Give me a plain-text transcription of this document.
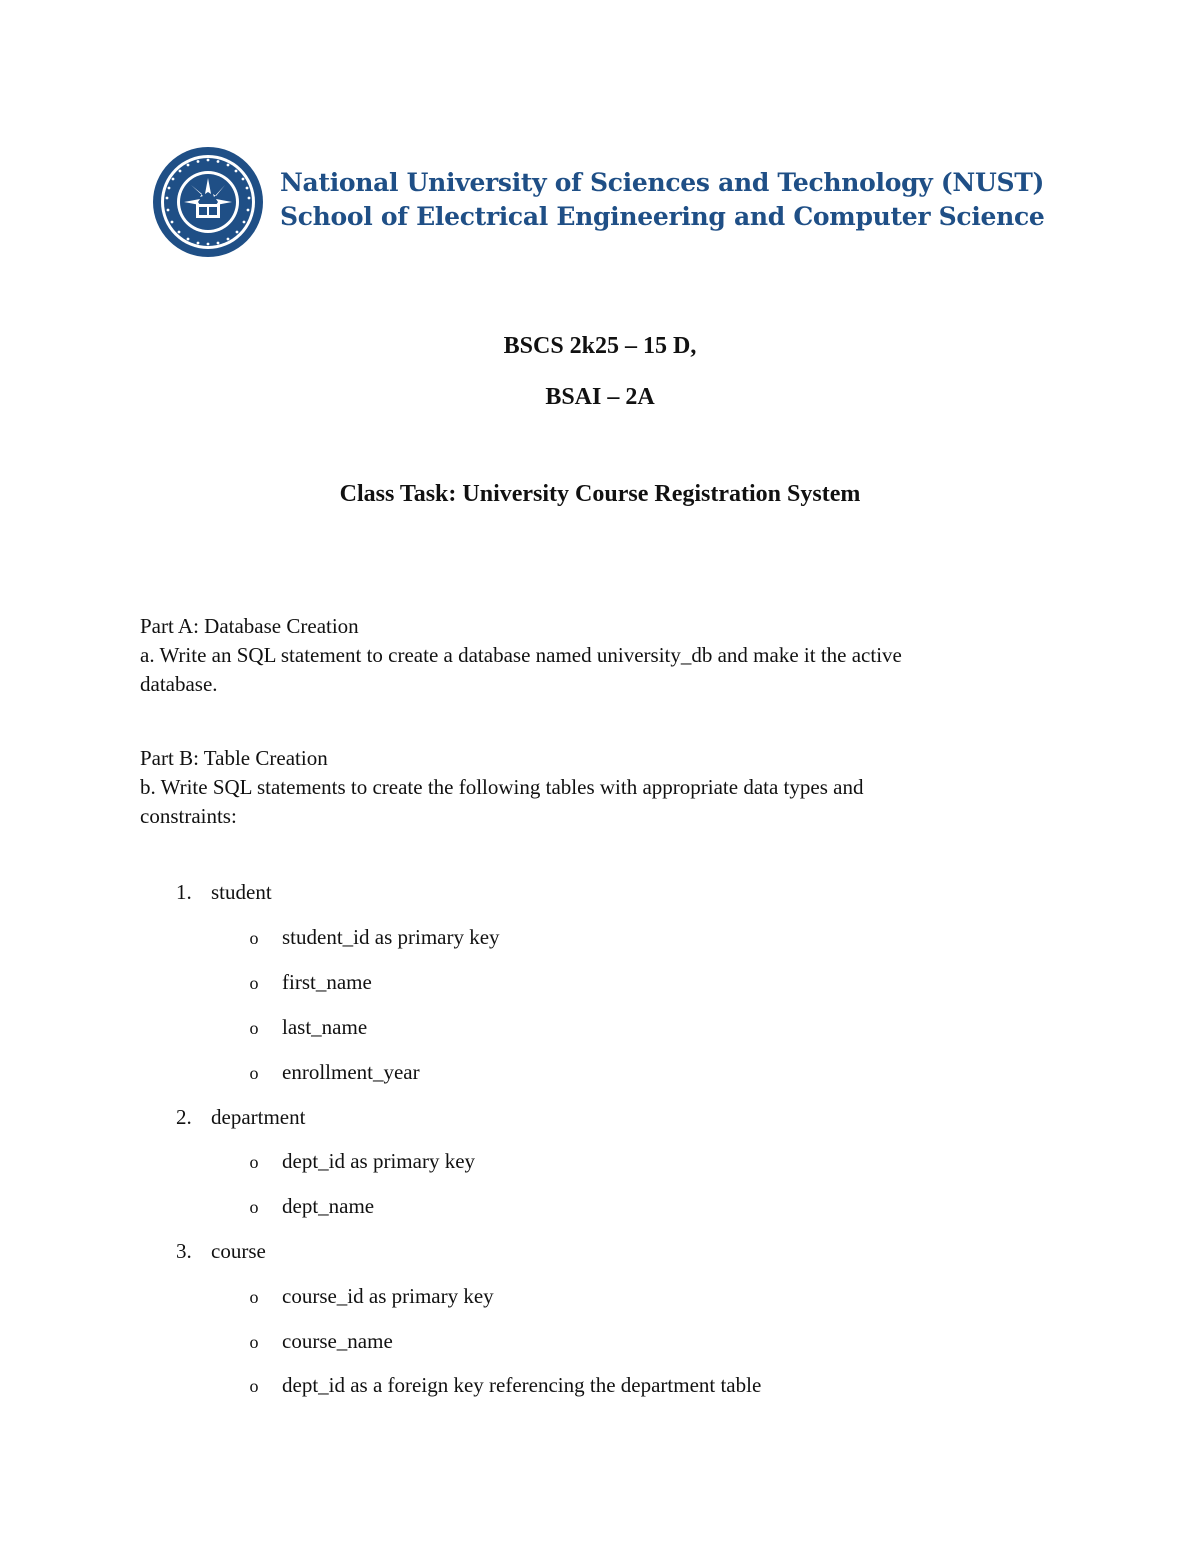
National University of Sciences and Technology (NUST)
School of Electrical Engineering and Computer Science
BSCS 2k25 – 15 D,
BSAI – 2A
Class Task: University Course Registration System
Part A: Database Creation
a. Write an SQL statement to create a database named university_db and make it the active
database.
Part B: Table Creation
b. Write SQL statements to create the following tables with appropriate data types and
constraints:
1. student
o student_id as primary key
o first_name
o last_name
o enrollment_year
2. department
o dept_id as primary key
o dept_name
3. course
o course_id as primary key
o course_name
o dept_id as a foreign key referencing the department table
